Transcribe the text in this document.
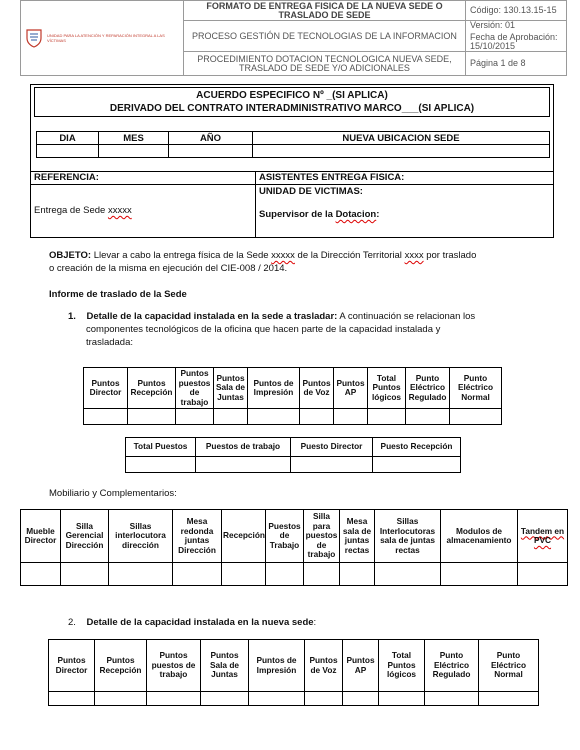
UNIDAD PARA LA ATENCIÓN Y REPARACIÓN INTEGRAL A LAS VÍCTIMAS	FORMATO DE ENTREGA FISICA DE LA NUEVA SEDE O TRASLADO DE SEDE	Código: 130.13.15-15
	PROCESO GESTIÓN DE TECNOLOGIAS DE LA INFORMACION	Versión: 01
Fecha de Aprobación:
15/10/2015

	PROCEDIMIENTO DOTACION TECNOLOGICA NUEVA SEDE, TRASLADO DE SEDE Y/O ADICIONALES	Página 1 de 8
ACUERDO ESPECIFICO Nº _(SI APLICA)
DERIVADO DEL CONTRATO INTERADMINISTRATIVO MARCO___(SI APLICA)
DIA	MES	AÑO	NUEVA UBICACION SEDE

REFERENCIA:
Entrega de Sede xxxxx
ASISTENTES ENTREGA FISICA:
UNIDAD DE VICTIMAS:
Supervisor de la Dotacion:
OBJETO: Llevar a cabo la entrega física de la Sede xxxxx de la Dirección Territorial xxxx por traslado
o creación de la misma en ejecución del CIE-008 / 2014.
Informe de traslado de la Sede
1. Detalle de la capacidad instalada en la sede a trasladar: A continuación se relacionan los
componentes tecnológicos de la oficina que hacen parte de la capacidad instalada y
trasladada:
Puntos Director	Puntos Recepción	Puntos puestos de trabajo	Puntos Sala de Juntas	Puntos de Impresión	Puntos de Voz	Puntos AP	Total Puntos lógicos	Punto Eléctrico Regulado	Punto Eléctrico Normal

Total Puestos	Puestos de trabajo	Puesto Director	Puesto Recepción

Mobiliario y Complementarios:
Mueble Director	Silla Gerencial Dirección	Sillas interlocutora dirección	Mesa redonda juntas Dirección	Recepción	Puestos de Trabajo	Silla para puestos de trabajo	Mesa sala de juntas rectas	Sillas Interlocutoras sala de juntas rectas	Modulos de almacenamiento	Tandem en PVC

2. Detalle de la capacidad instalada en la nueva sede:
Puntos Director	Puntos Recepción	Puntos puestos de trabajo	Puntos Sala de Juntas	Puntos de Impresión	Puntos de Voz	Puntos AP	Total Puntos lógicos	Punto Eléctrico Regulado	Punto Eléctrico Normal
